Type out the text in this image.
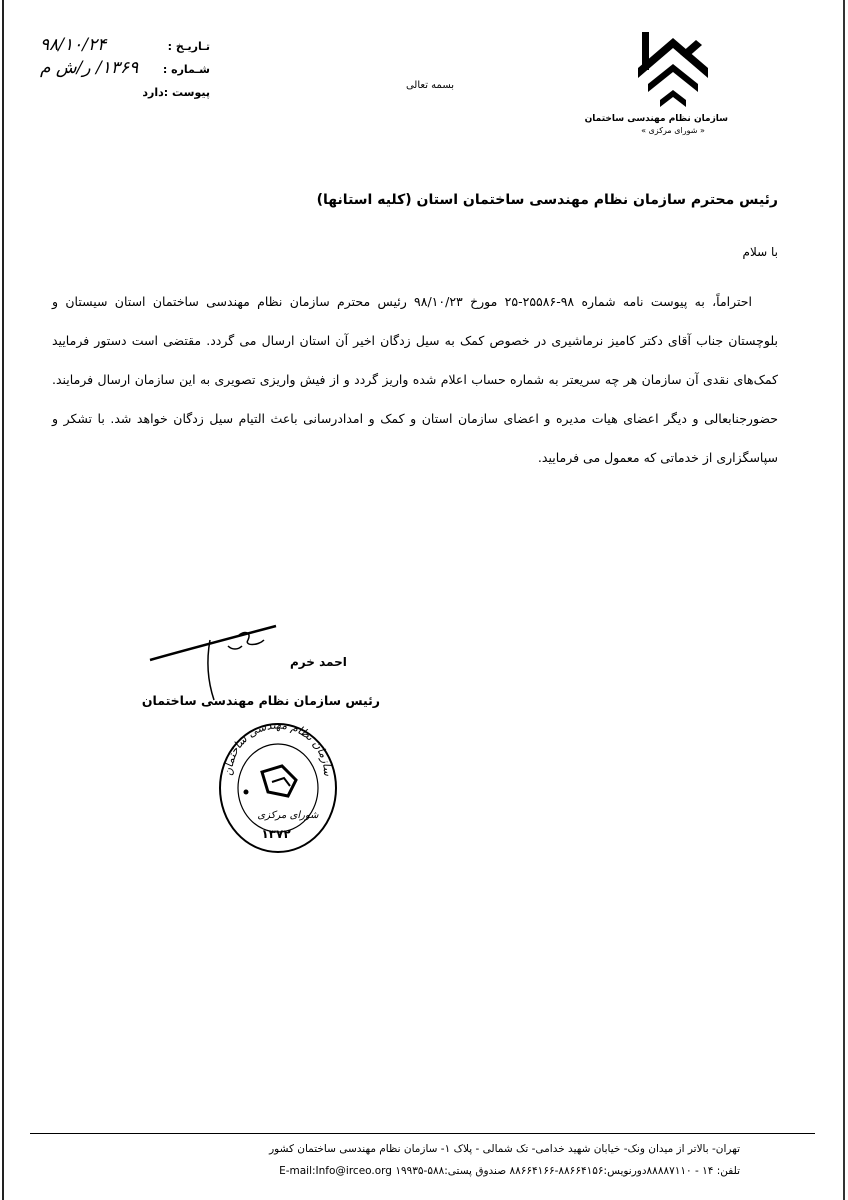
سازمان نظام مهندسی ساختمان
« شورای مرکزی »
بسمه تعالی
تـاریـخ :
۹۸/۱۰/۲۴
شـماره :
۱۳۶۹/ ر/ش م
پیوست :دارد
رئیس محترم سازمان نظام مهندسی ساختمان استان (کلیه استانها)
با سلام

احتراماً، به پیوست نامه شماره ۹۸-۲۵۵۸۶-۲۵ مورخ ۹۸/۱۰/۲۳ رئیس محترم سازمان نظام مهندسی ساختمان استان سیستان و بلوچستان جناب آقای دکتر کامیز نرماشیری در خصوص کمک به سیل زدگان اخیر آن استان ارسال می گردد. مقتضی است دستور فرمایید کمک‌های نقدی آن سازمان هر چه سریعتر به شماره حساب اعلام شده واریز گردد و از فیش واریزی تصویری به این سازمان ارسال فرمایند. حضورجنابعالی و دیگر اعضای هیات مدیره و اعضای سازمان استان و کمک و امدادرسانی باعث التیام سیل زدگان خواهد شد. با تشکر و سپاسگزاری از خدماتی که معمول می فرمایید.

احمد خرم
رئیس سازمان نظام مهندسی ساختمان
سازمان نظام مهندسی ساختمان
شورای مرکزی
۱۳۷۲
تهران- بالاتر از میدان ونک- خیابان شهید خدامی- تک شمالی - پلاک ۱- سازمان نظام مهندسی ساختمان کشور
تلفن: ۱۴ - ۸۸۸۸۷۱۱۰دورنویس:۸۸۶۶۴۱۵۶-۸۸۶۶۴۱۶۶ صندوق پستی:۵۸۸-۱۹۹۳۵ E-mail:Info@irceo.org
